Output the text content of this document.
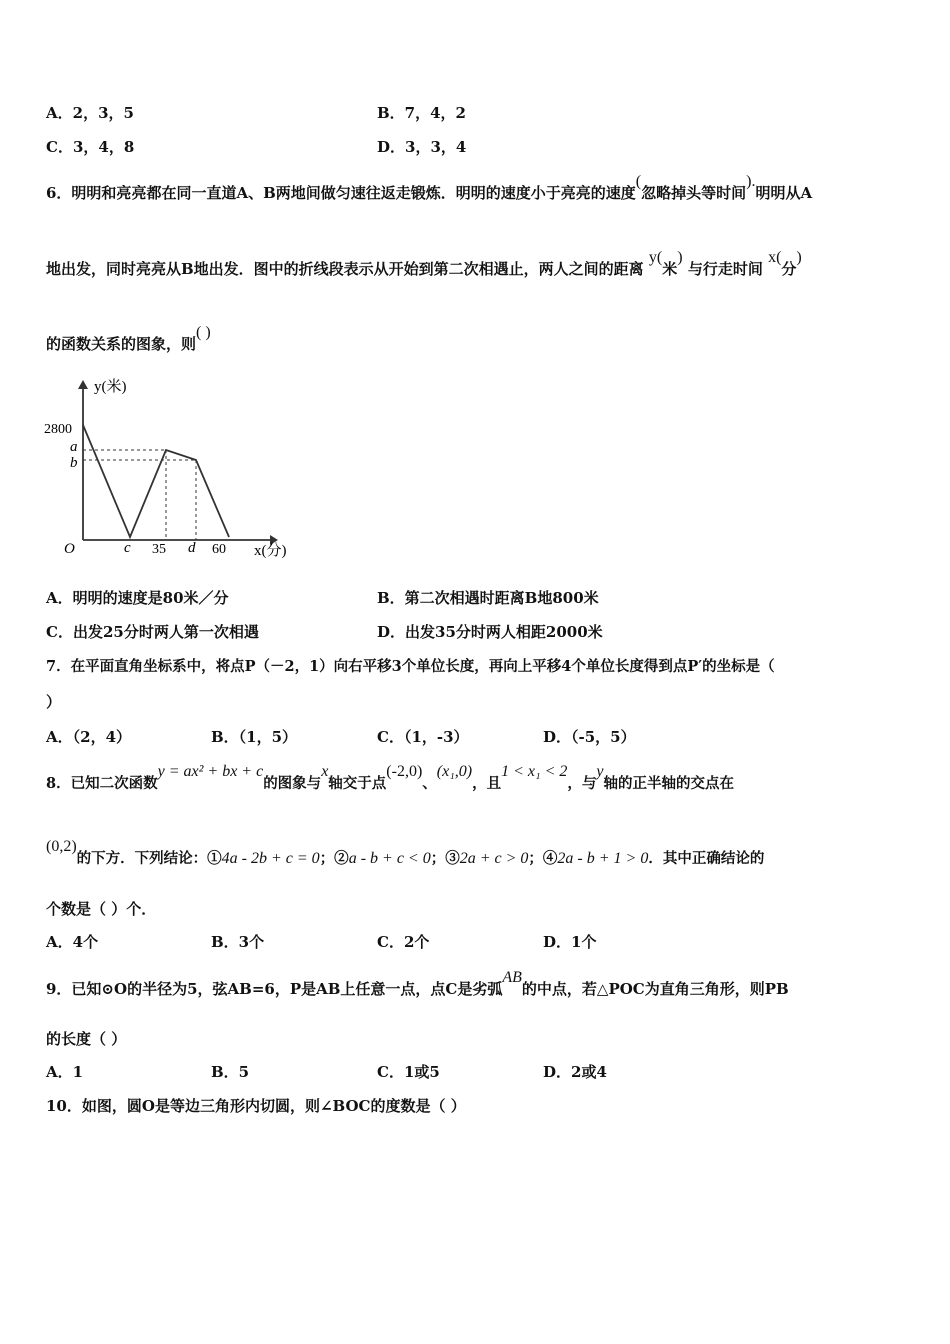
A．2，3，5	B．7，4，2
C．3，4，8	D．3，3，4
6．明明和亮亮都在同一直道A、B两地间做匀速往返走锻炼．明明的速度小于亮亮的速度(忽略掉头等时间).明明从A
地出发，同时亮亮从B地出发．图中的折线段表示从开始到第二次相遇止，两人之间的距离 y(米) 与行走时间 x(分)
的函数关系的图象，则( )
y(米)
x(分)
O
2800
a
b
c 35 d 60
A．明明的速度是80米／分	B．第二次相遇时距离B地800米
C．出发25分时两人第一次相遇	D．出发35分时两人相距2000米
7．在平面直角坐标系中，将点P（－2，1）向右平移3个单位长度，再向上平移4个单位长度得到点P′的坐标是（
）
A．（2，4）	B．（1，5）	C．（1，-3）	D．（-5，5）
8．已知二次函数y = ax² + bx + c的图象与x轴交于点(-2,0)、(x₁,0)，且1 < x₁ < 2，与y轴的正半轴的交点在
(0,2)的下方．下列结论：①4a - 2b + c = 0；②a - b + c < 0；③2a + c > 0；④2a - b + 1 > 0．其中正确结论的
个数是（ ）个．
A．4个	B．3个	C．2个	D．1个
9．已知⊙O的半径为5，弦AB=6，P是AB上任意一点，点C是劣弧AB的中点，若△POC为直角三角形，则PB
的长度（ ）
A．1	B．5	C．1或5	D．2或4
10．如图，圆O是等边三角形内切圆，则∠BOC的度数是（ ）
